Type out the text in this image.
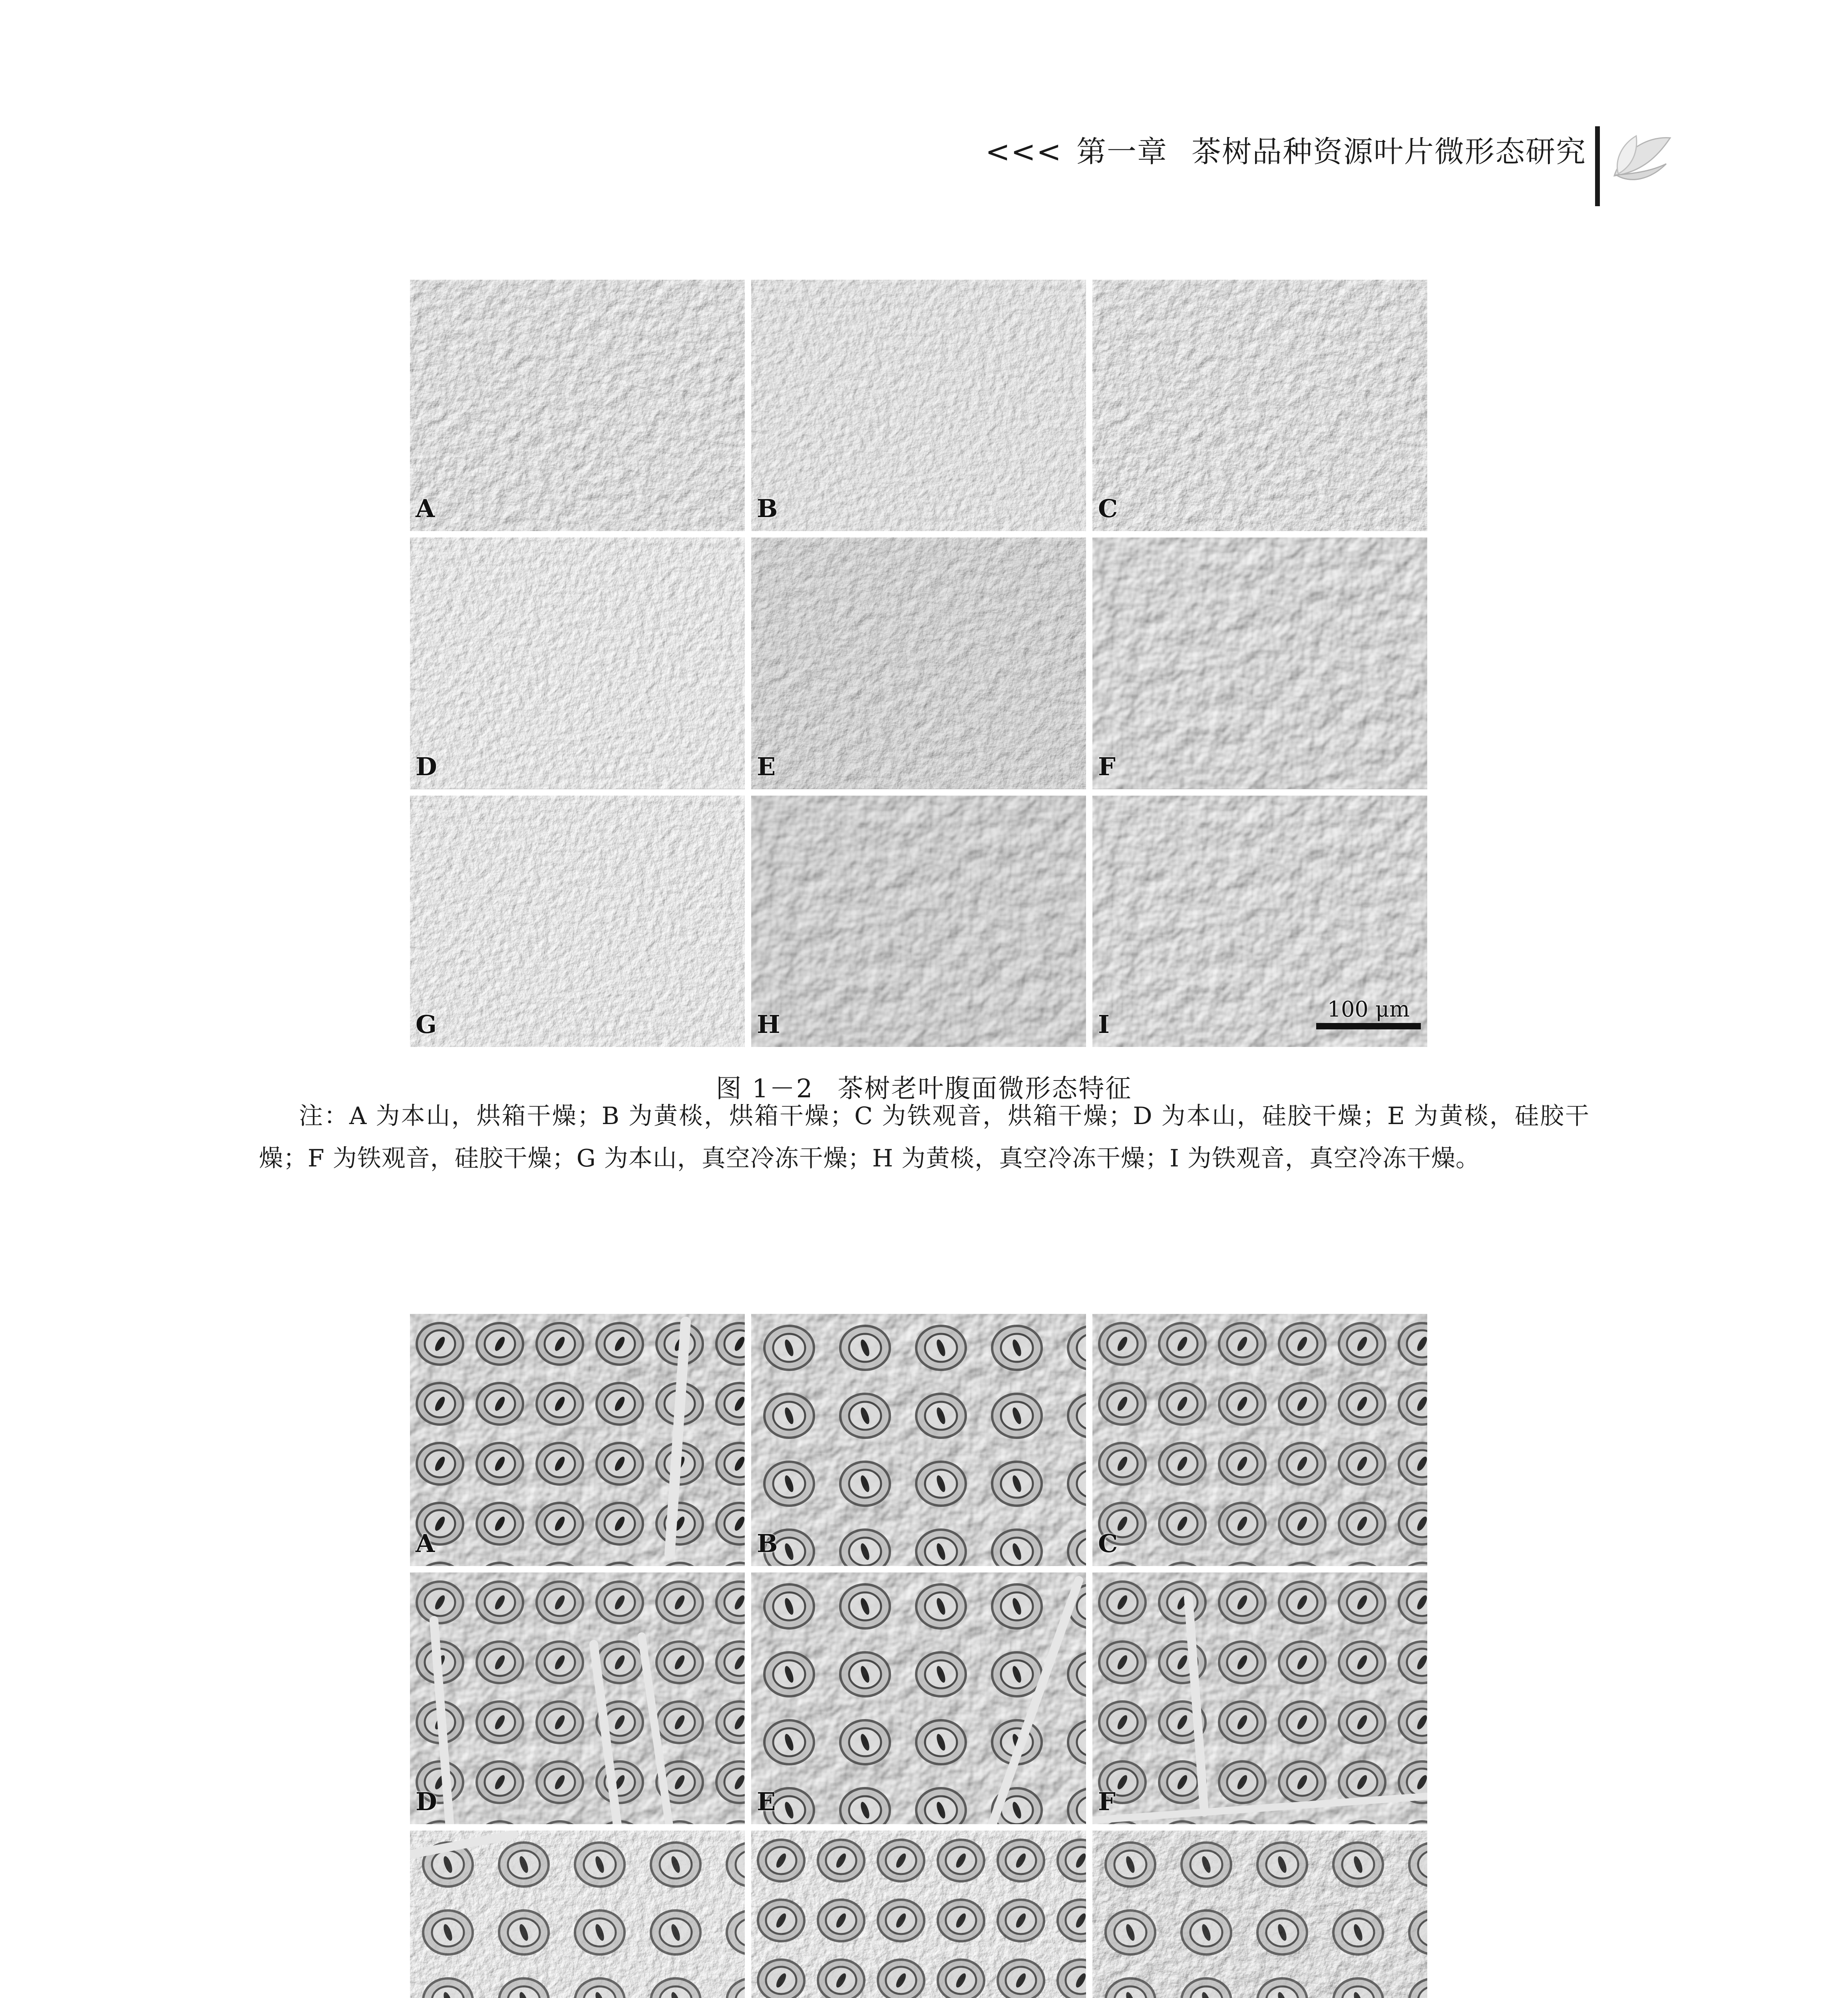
<<< 第一章 茶树品种资源叶片微形态研究
A	B	C
D	E	F
G	H	I
100 μm
图 1－2 茶树老叶腹面微形态特征

注：A 为本山，烘箱干燥；B 为黄棪，烘箱干燥；C 为铁观音，烘箱干燥；D 为本山，硅胶干燥；E 为黄棪，硅胶干燥；F 为铁观音，硅胶干燥；G 为本山，真空冷冻干燥；H 为黄棪，真空冷冻干燥；I 为铁观音，真空冷冻干燥。

A	B	C
D	E	F
